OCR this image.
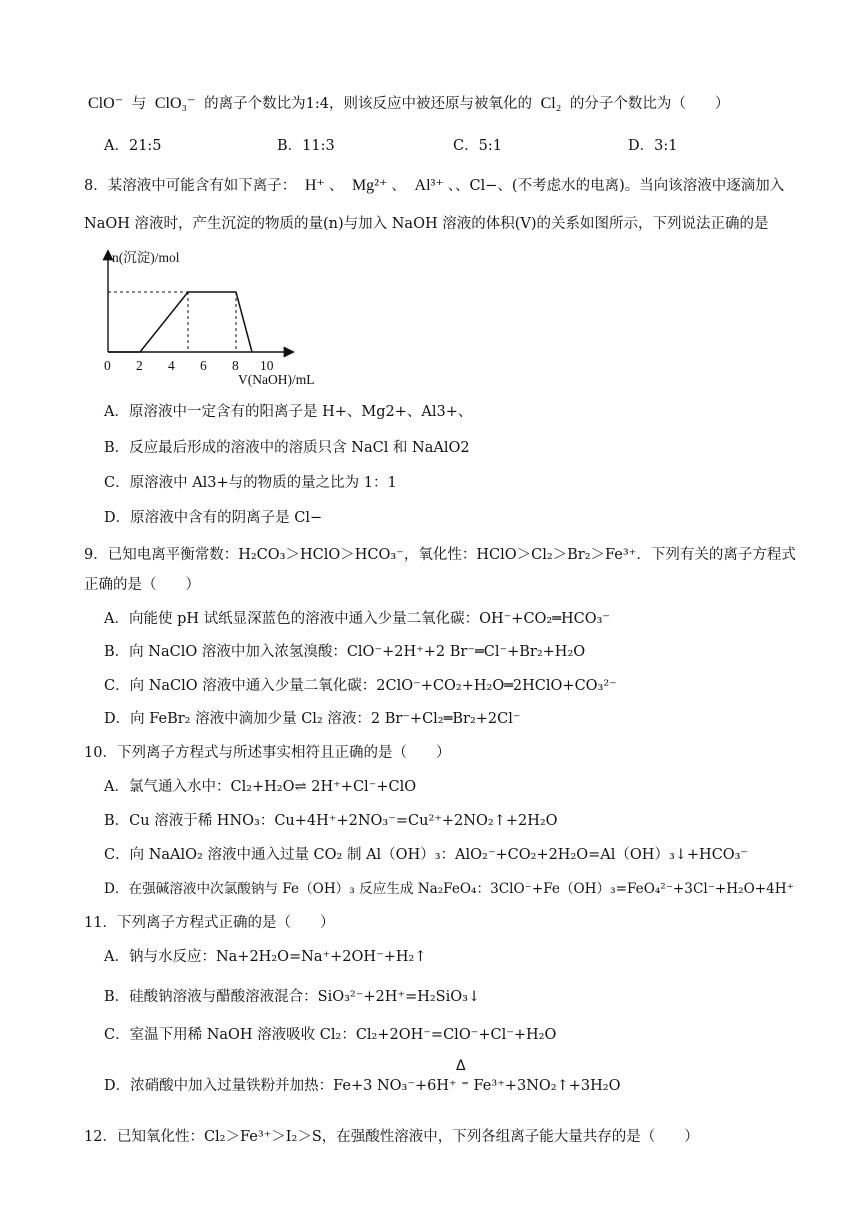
ClO⁻ 与 ClO₃⁻ 的离子个数比为1:4，则该反应中被还原与被氧化的 Cl₂ 的分子个数比为（　　）
A．21:5	B．11:3	C．5:1	D．3:1
8．某溶液中可能含有如下离子： H⁺ 、 Mg²⁺ 、 Al³⁺ 、、Cl−、(不考虑水的电离)。当向该溶液中逐滴加入
NaOH 溶液时，产生沉淀的物质的量(n)与加入 NaOH 溶液的体积(V)的关系如图所示，下列说法正确的是
n(沉淀)/mol
V(NaOH)/mL
0 2 4 6 8 10
A．原溶液中一定含有的阳离子是 H+、Mg2+、Al3+、
B．反应最后形成的溶液中的溶质只含 NaCl 和 NaAlO2
C．原溶液中 Al3+与的物质的量之比为 1：1
D．原溶液中含有的阴离子是 Cl−
9．已知电离平衡常数：H₂CO₃＞HClO＞HCO₃⁻，氧化性：HClO＞Cl₂＞Br₂＞Fe³⁺．下列有关的离子方程式
正确的是（　　）
A．向能使 pH 试纸显深蓝色的溶液中通入少量二氧化碳：OH⁻+CO₂═HCO₃⁻
B．向 NaClO 溶液中加入浓氢溴酸：ClO⁻+2H⁺+2 Br⁻═Cl⁻+Br₂+H₂O
C．向 NaClO 溶液中通入少量二氧化碳：2ClO⁻+CO₂+H₂O═2HClO+CO₃²⁻
D．向 FeBr₂ 溶液中滴加少量 Cl₂ 溶液：2 Br⁻+Cl₂═Br₂+2Cl⁻
10．下列离子方程式与所述事实相符且正确的是（　　）
A．氯气通入水中：Cl₂+H₂O⇌ 2H⁺+Cl⁻+ClO
B．Cu 溶液于稀 HNO₃：Cu+4H⁺+2NO₃⁻=Cu²⁺+2NO₂↑+2H₂O
C．向 NaAlO₂ 溶液中通入过量 CO₂ 制 Al（OH）₃：AlO₂⁻+CO₂+2H₂O=Al（OH）₃↓+HCO₃⁻
D．在强碱溶液中次氯酸钠与 Fe（OH）₃ 反应生成 Na₂FeO₄：3ClO⁻+Fe（OH）₃=FeO₄²⁻+3Cl⁻+H₂O+4H⁺
11．下列离子方程式正确的是（　　）
A．钠与水反应：Na+2H₂O=Na⁺+2OH⁻+H₂↑
B．硅酸钠溶液与醋酸溶液混合：SiO₃²⁻+2H⁺=H₂SiO₃↓
C．室温下用稀 NaOH 溶液吸收 Cl₂：Cl₂+2OH⁻=ClO⁻+Cl⁻+H₂O
Δ
D．浓硝酸中加入过量铁粉并加热：Fe+3 NO₃⁻+6H⁺ ⁼ Fe³⁺+3NO₂↑+3H₂O
12．已知氧化性：Cl₂＞Fe³⁺＞I₂＞S，在强酸性溶液中，下列各组离子能大量共存的是（　　）
